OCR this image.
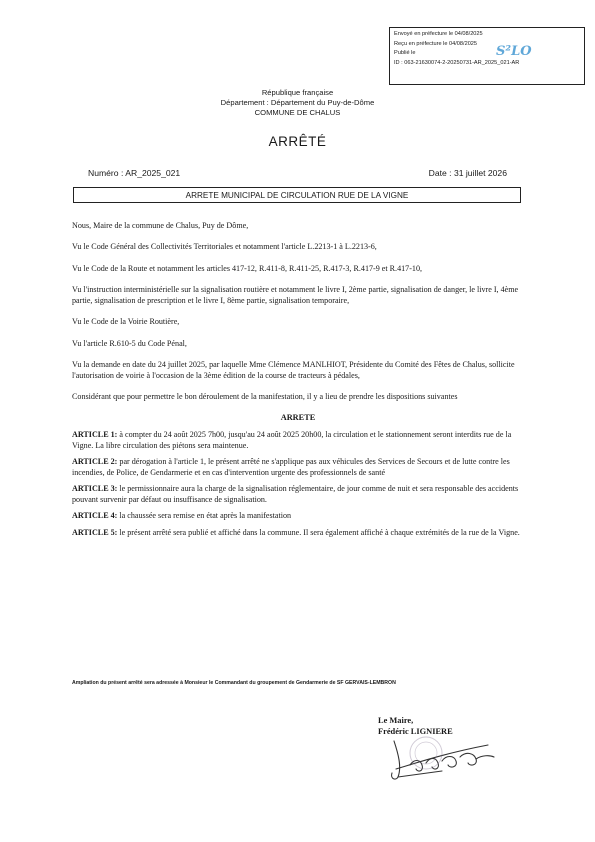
Envoyé en préfecture le 04/08/2025
Reçu en préfecture le 04/08/2025
Publié le
ID : 063-21630074-2-20250731-AR_2025_021-AR
S²LO
République française
Département : Département du Puy-de-Dôme
COMMUNE DE CHALUS
ARRÊTÉ
Numéro : AR_2025_021	Date : 31 juillet 2026
ARRETE MUNICIPAL DE CIRCULATION RUE DE LA VIGNE

Nous, Maire de la commune de Chalus, Puy de Dôme,

Vu le Code Général des Collectivités Territoriales et notamment l'article L.2213-1 à L.2213-6,

Vu le Code de la Route et notamment les articles 417-12, R.411-8, R.411-25, R.417-3, R.417-9 et R.417-10,

Vu l'instruction interministérielle sur la signalisation routière et notamment le livre I, 2ème partie, signalisation de danger, le livre I, 4ème partie, signalisation de prescription et le livre I, 8ème partie, signalisation temporaire,

Vu le Code de la Voirie Routière,

Vu l'article R.610-5 du Code Pénal,

Vu la demande en date du 24 juillet 2025, par laquelle Mme Clémence MANLHIOT, Présidente du Comité des Fêtes de Chalus, sollicite l'autorisation de voirie à l'occasion de la 3ème édition de la course de tracteurs à pédales,

Considérant que pour permettre le bon déroulement de la manifestation, il y a lieu de prendre les dispositions suivantes

ARRETE

ARTICLE 1: à compter du 24 août 2025 7h00, jusqu'au 24 août 2025 20h00, la circulation et le stationnement seront interdits rue de la Vigne. La libre circulation des piétons sera maintenue.

ARTICLE 2: par dérogation à l'article 1, le présent arrêté ne s'applique pas aux véhicules des Services de Secours et de lutte contre les incendies, de Police, de Gendarmerie et en cas d'intervention urgente des professionnels de santé

ARTICLE 3: le permissionnaire aura la charge de la signalisation réglementaire, de jour comme de nuit et sera responsable des accidents pouvant survenir par défaut ou insuffisance de signalisation.

ARTICLE 4: la chaussée sera remise en état après la manifestation

ARTICLE 5: le présent arrêté sera publié et affiché dans la commune. Il sera également affiché à chaque extrémités de la rue de la Vigne.

Ampliation du présent arrêté sera adressée à Monsieur le Commandant du groupement de Gendarmerie de SF GERVAIS-LEMBRON
Le Maire,
Frédéric LIGNIERE
